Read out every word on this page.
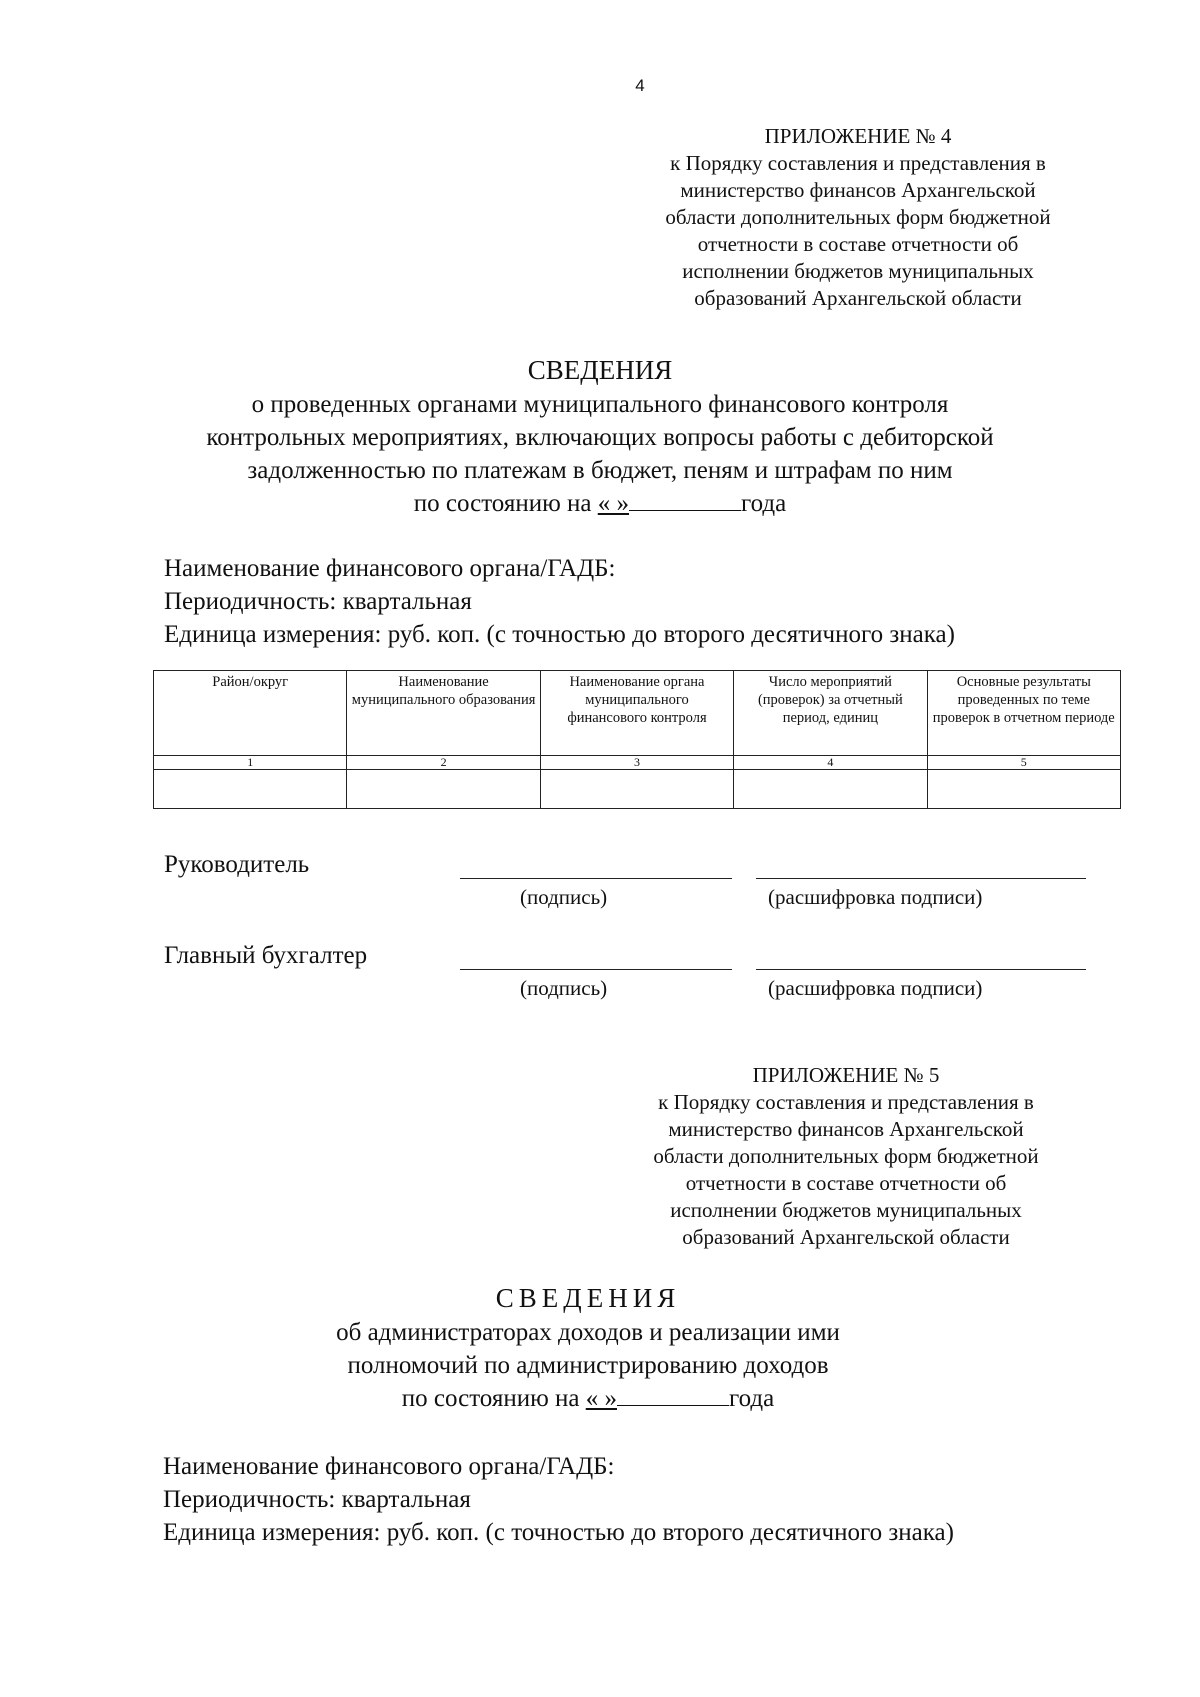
4
ПРИЛОЖЕНИЕ № 4
к Порядку составления и представления в
министерство финансов Архангельской
области дополнительных форм бюджетной
отчетности в составе отчетности об
исполнении бюджетов муниципальных
образований Архангельской области
СВЕДЕНИЯ
о проведенных органами муниципального финансового контроля
контрольных мероприятиях, включающих вопросы работы с дебиторской
задолженностью по платежам в бюджет, пеням и штрафам по ним
по состоянию на « »	года
Наименование финансового органа/ГАДБ:
Периодичность: квартальная
Единица измерения: руб. коп. (с точностью до второго десятичного знака)
Район/округ	Наименование муниципального образования	Наименование органа муниципального финансового контроля	Число мероприятий (проверок) за отчетный период, единиц	Основные результаты проведенных по теме проверок в отчетном периоде
1	2	3	4	5

Руководитель
(подпись)	(расшифровка подписи)
Главный бухгалтер
(подпись)	(расшифровка подписи)
ПРИЛОЖЕНИЕ № 5
к Порядку составления и представления в
министерство финансов Архангельской
области дополнительных форм бюджетной
отчетности в составе отчетности об
исполнении бюджетов муниципальных
образований Архангельской области
СВЕДЕНИЯ
об администраторах доходов и реализации ими
полномочий по администрированию доходов
по состоянию на « »	года
Наименование финансового органа/ГАДБ:
Периодичность: квартальная
Единица измерения: руб. коп. (с точностью до второго десятичного знака)
